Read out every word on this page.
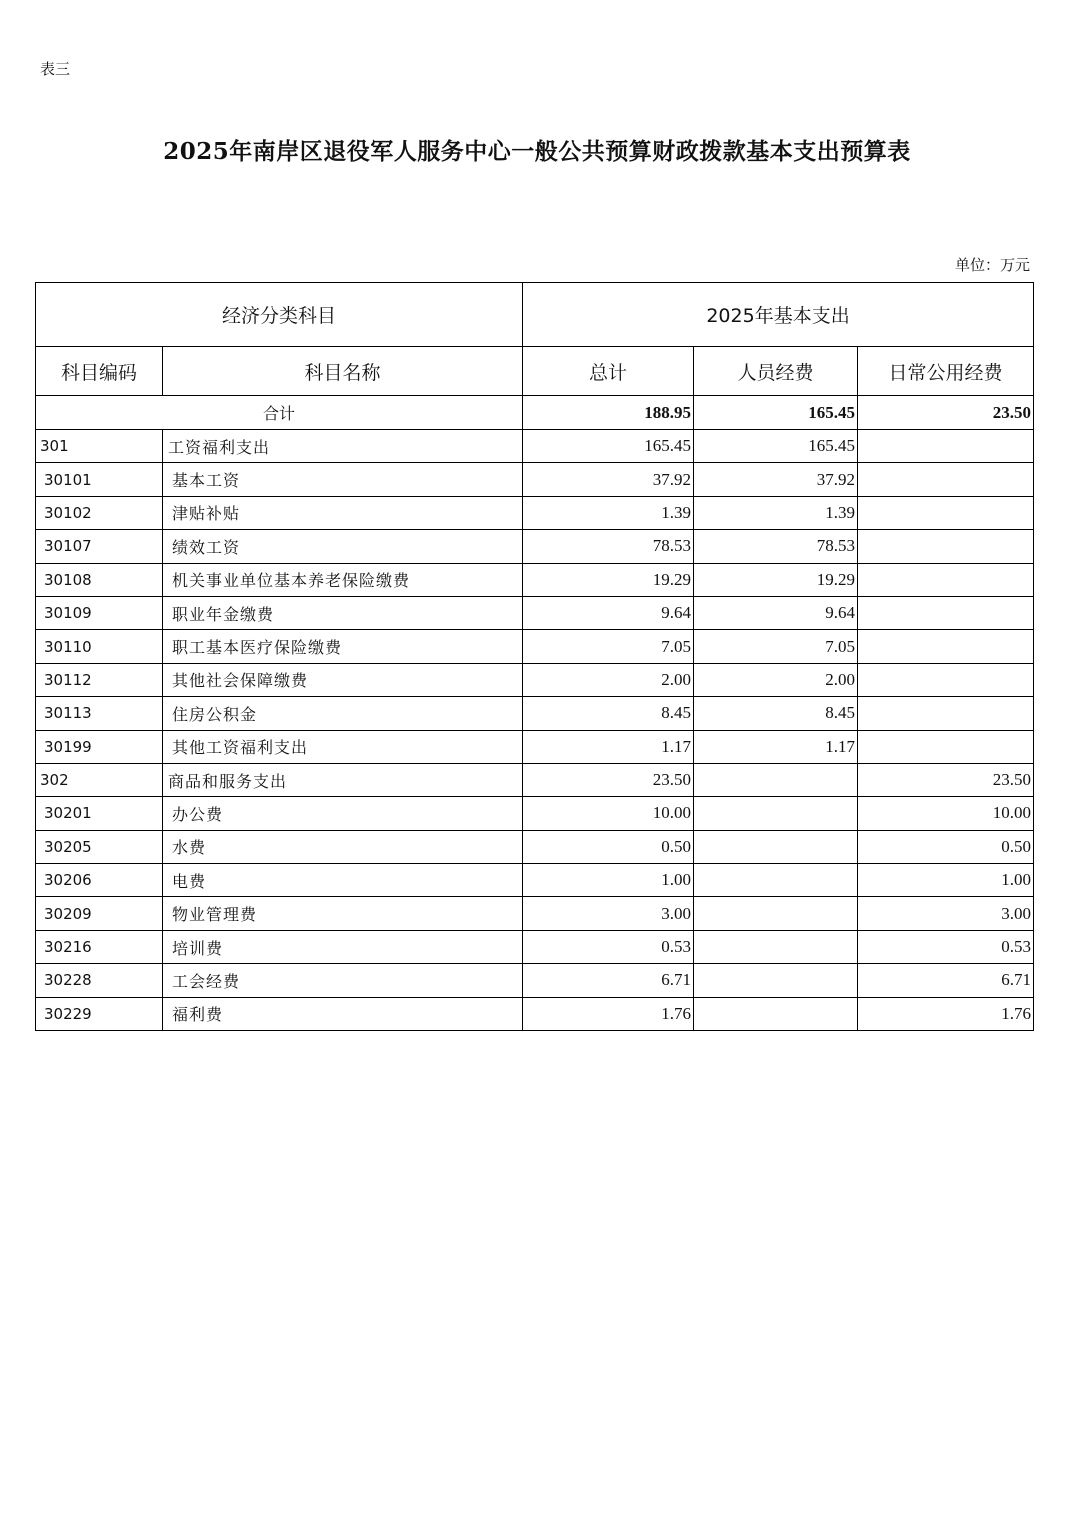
表三
2025年南岸区退役军人服务中心一般公共预算财政拨款基本支出预算表
单位：万元
经济分类科目		2025年基本支出		
科目编码	科目名称	总计	人员经费	日常公用经费
合计		188.95	165.45	23.50
301	工资福利支出	165.45	165.45	
30101	基本工资	37.92	37.92	
30102	津贴补贴	1.39	1.39	
30107	绩效工资	78.53	78.53	
30108	机关事业单位基本养老保险缴费	19.29	19.29	
30109	职业年金缴费	9.64	9.64	
30110	职工基本医疗保险缴费	7.05	7.05	
30112	其他社会保障缴费	2.00	2.00	
30113	住房公积金	8.45	8.45	
30199	其他工资福利支出	1.17	1.17	
302	商品和服务支出	23.50		23.50
30201	办公费	10.00		10.00
30205	水费	0.50		0.50
30206	电费	1.00		1.00
30209	物业管理费	3.00		3.00
30216	培训费	0.53		0.53
30228	工会经费	6.71		6.71
30229	福利费	1.76		1.76
